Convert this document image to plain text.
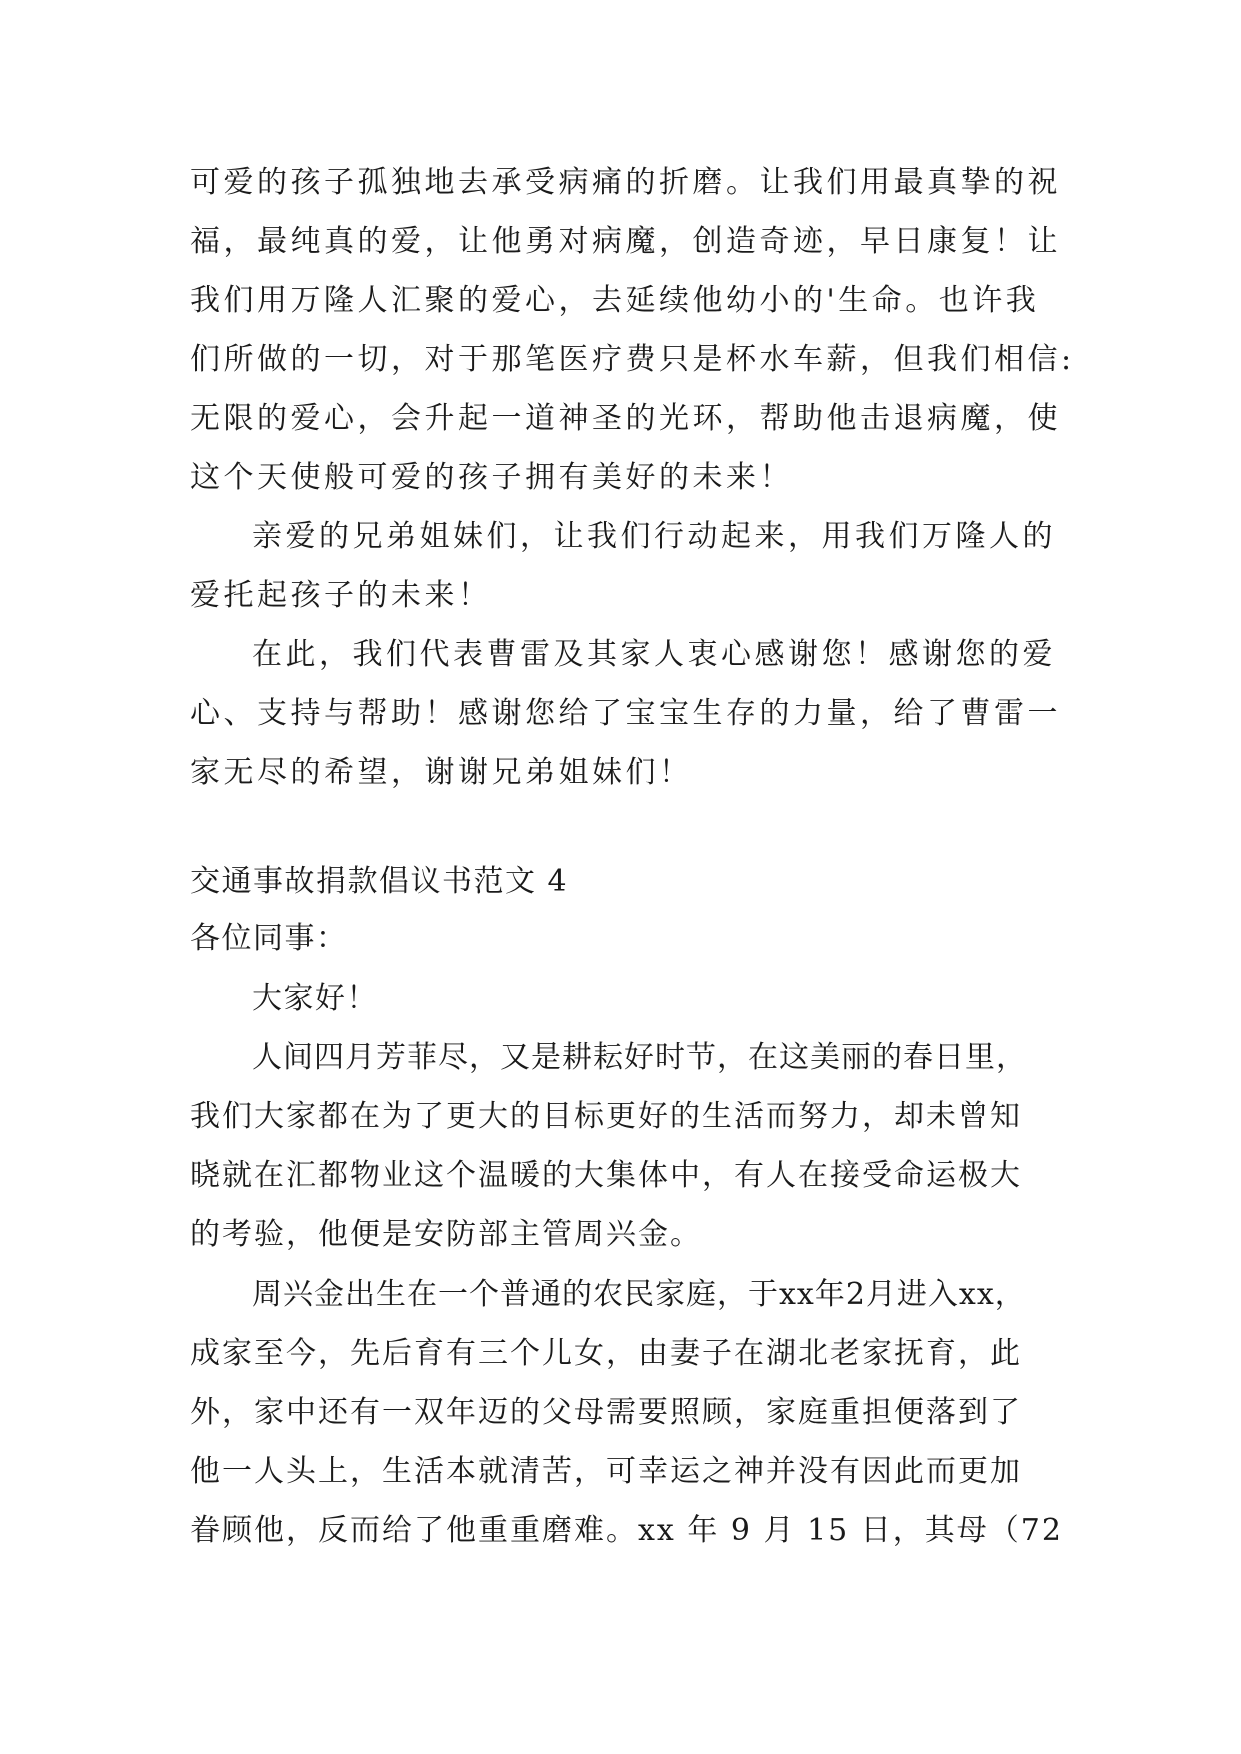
可爱的孩子孤独地去承受病痛的折磨。让我们用最真挚的祝
福，最纯真的爱，让他勇对病魔，创造奇迹，早日康复！让
我们用万隆人汇聚的爱心，去延续他幼小的'生命。也许我
们所做的一切，对于那笔医疗费只是杯水车薪，但我们相信:
无限的爱心，会升起一道神圣的光环，帮助他击退病魔，使
这个天使般可爱的孩子拥有美好的未来！
亲爱的兄弟姐妹们，让我们行动起来，用我们万隆人的
爱托起孩子的未来！
在此，我们代表曹雷及其家人衷心感谢您！感谢您的爱
心、支持与帮助！感谢您给了宝宝生存的力量，给了曹雷一
家无尽的希望，谢谢兄弟姐妹们！
交通事故捐款倡议书范文 4
各位同事：
大家好！
人间四月芳菲尽，又是耕耘好时节，在这美丽的春日里，
我们大家都在为了更大的目标更好的生活而努力，却未曾知
晓就在汇都物业这个温暖的大集体中，有人在接受命运极大
的考验，他便是安防部主管周兴金。
周兴金出生在一个普通的农民家庭，于xx年2月进入xx，
成家至今，先后育有三个儿女，由妻子在湖北老家抚育，此
外，家中还有一双年迈的父母需要照顾，家庭重担便落到了
他一人头上，生活本就清苦，可幸运之神并没有因此而更加
眷顾他，反而给了他重重磨难。xx 年 9 月 15 日，其母（72
